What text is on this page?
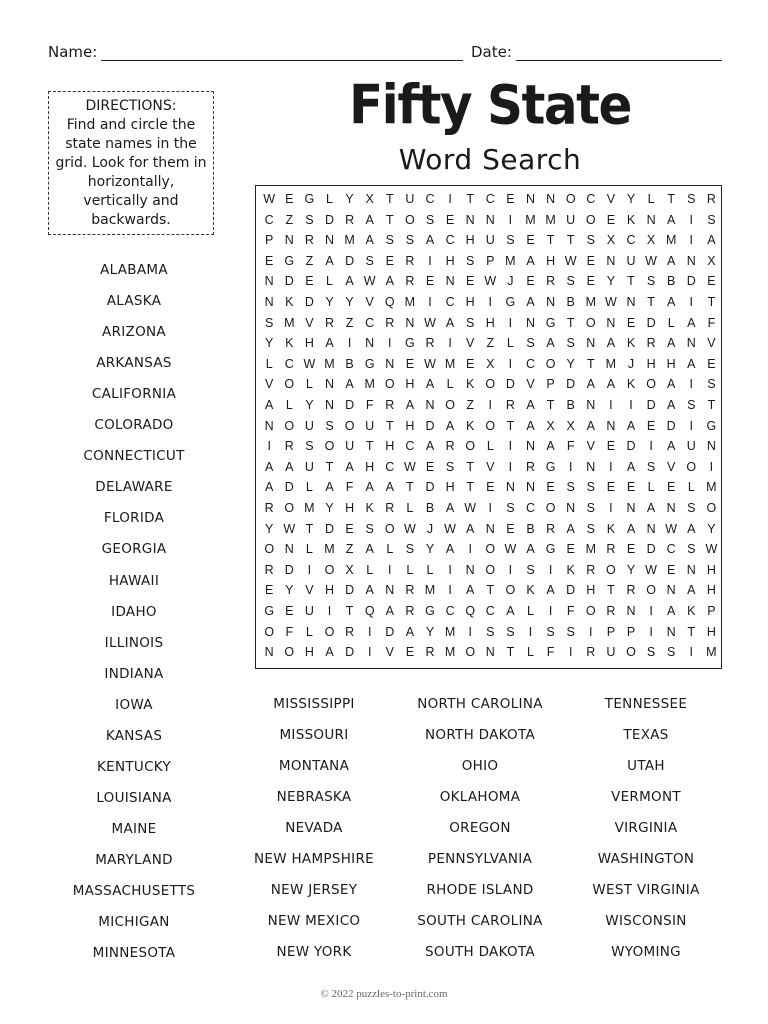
Name:	Date:
DIRECTIONS:
Find and circle the state names in the grid. Look for them in horizontally, vertically and backwards.
Fifty State
Word Search
W E G L Y X T U C	I	T C E N N O C V Y L	T S R
C Z S D R A T O S E N N	I	M M U O E K N A	I	S
P N R N M A S S A C H U S E T T S X C X M	I	A
E G Z A D S E R	I	H S P M A H W E N U W A N X
N D E L A W A R E N E W J	E R S E Y T S B D E
N K D Y Y V Q M	I	C H	I	G A N B M W N T A	I	T
S M V R Z C R N W A S H	I	N G T O N E D L A F
Y K H A	I	N	I	G R	I	V Z	L S A S N A K R A N V
L C W M B G N E W M E X	I	C O Y T M J H H A E
V O L N A M O H A L K O D V P D A A K O A	I	S
A L Y N D F R A N O Z	I	R A T B N	I	I	D A S T
N O U S O U T H D A K O T A X X A N A E D	I	G
I	R S O U T H C A R O L	I	N A F V E D	I	A U N
A A U T A H C W E S T V	I	R G	I	N	I	A S V O	I
A D L A F A A T D H T E N N E S S E E L E L M
R O M Y H K R L B A W I	S C O N S	I	N A N S O
Y W T D E S O W J W A N E B R A S K A N W A Y
O N L M Z A L S Y A	I	O W A G E M R E D C S W
R D	I	O X L	I	L	L	I	N O	I	S	I	K R O Y W E N H
E Y V H D A N R M	I	A T O K A D H T R O N A H
G E U	I	T Q A R G C Q C A L	I	F O R N	I	A K P
O F	L O R	I	D A Y M	I	S S	I	S S	I	P P	I	N T H
N O H A D	I	V E R M O N T	L	F	I	R U O S S	I	M
ALABAMA
ALASKA
ARIZONA
ARKANSAS
CALIFORNIA
COLORADO
CONNECTICUT
DELAWARE
FLORIDA
GEORGIA
HAWAII
IDAHO
ILLINOIS
INDIANA
IOWA
KANSAS
KENTUCKY
LOUISIANA
MAINE
MARYLAND
MASSACHUSETTS
MICHIGAN
MINNESOTA
MISSISSIPPI
MISSOURI
MONTANA
NEBRASKA
NEVADA
NEW HAMPSHIRE
NEW JERSEY
NEW MEXICO
NEW YORK
NORTH CAROLINA
NORTH DAKOTA
OHIO
OKLAHOMA
OREGON
PENNSYLVANIA
RHODE ISLAND
SOUTH CAROLINA
SOUTH DAKOTA
TENNESSEE
TEXAS
UTAH
VERMONT
VIRGINIA
WASHINGTON
WEST VIRGINIA
WISCONSIN
WYOMING
© 2022 puzzles-to-print.com
